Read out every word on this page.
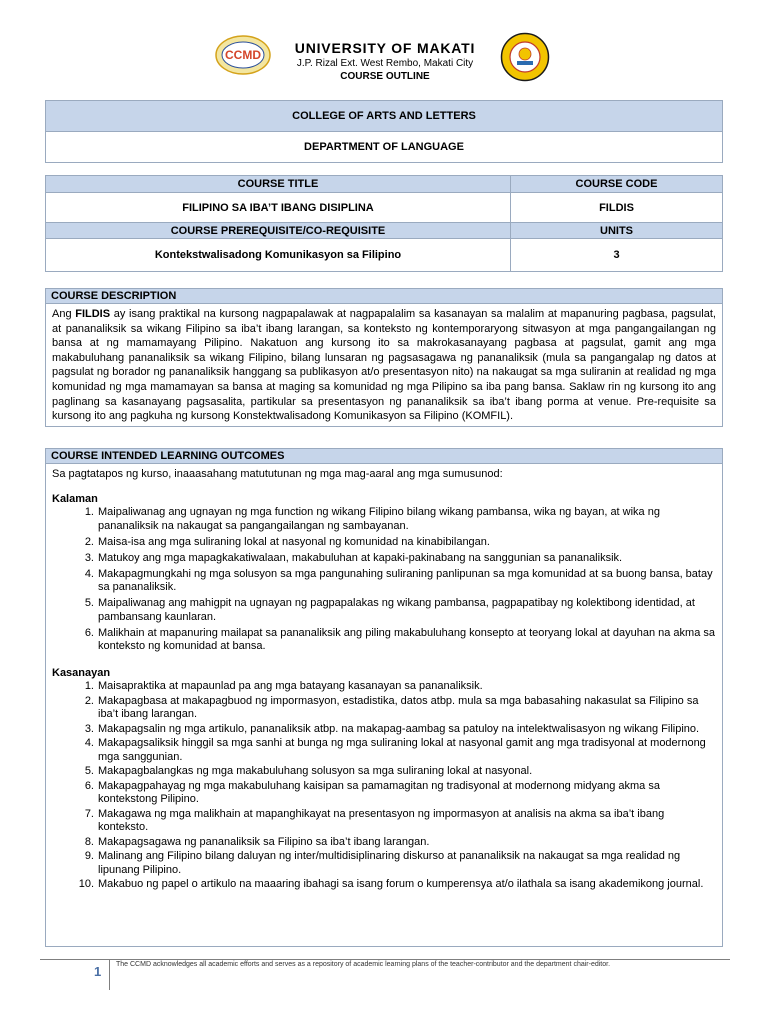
CCMD	UNIVERSITY OF MAKATI
J.P. Rizal Ext. West Rembo, Makati City
COURSE OUTLINE
COLLEGE OF ARTS AND LETTERS
DEPARTMENT OF LANGUAGE
COURSE TITLE	COURSE CODE
FILIPINO SA IBA’T IBANG DISIPLINA	FILDIS
COURSE PREREQUISITE/CO-REQUISITE	UNITS
Kontekstwalisadong Komunikasyon sa Filipino	3
COURSE DESCRIPTION
Ang FILDIS ay isang praktikal na kursong nagpapalawak at nagpapalalim sa kasanayan sa malalim at mapanuring pagbasa, pagsulat, at pananaliksik sa wikang Filipino sa iba’t ibang larangan, sa konteksto ng kontemporaryong sitwasyon at mga pangangailangan ng bansa at ng mamamayang Pilipino. Nakatuon ang kursong ito sa makrokasanayang pagbasa at pagsulat, gamit ang mga makabuluhang pananaliksik sa wikang Filipino, bilang lunsaran ng pagsasagawa ng pananaliksik (mula sa pangangalap ng datos at pagsulat ng borador ng pananaliksik hanggang sa publikasyon at/o presentasyon nito) na nakaugat sa mga suliranin at realidad ng mga komunidad ng mga mamamayan sa bansa at maging sa komunidad ng mga Pilipino sa iba pang bansa. Saklaw rin ng kursong ito ang paglinang sa kasanayang pagsasalita, partikular sa presentasyon ng pananaliksik sa iba’t ibang porma at venue. Pre-requisite sa kursong ito ang pagkuha ng kursong Konstektwalisadong Komunikasyon sa Filipino (KOMFIL).
COURSE INTENDED LEARNING OUTCOMES

Sa pagtatapos ng kurso, inaaasahang matututunan ng mga mag-aaral ang mga sumusunod:

Kalaman

1. Maipaliwanag ang ugnayan ng mga function ng wikang Filipino bilang wikang pambansa, wika ng bayan, at wika ng pananaliksik na nakaugat sa pangangailangan ng sambayanan.
2. Maisa-isa ang mga suliraning lokal at nasyonal ng komunidad na kinabibilangan.
3. Matukoy ang mga mapagkakatiwalaan, makabuluhan at kapaki-pakinabang na sanggunian sa pananaliksik.
4. Makapagmungkahi ng mga solusyon sa mga pangunahing suliraning panlipunan sa mga komunidad at sa buong bansa, batay sa pananaliksik.
5. Maipaliwanag ang mahigpit na ugnayan ng pagpapalakas ng wikang pambansa, pagpapatibay ng kolektibong identidad, at pambansang kaunlaran.
6. Malikhain at mapanuring mailapat sa pananaliksik ang piling makabuluhang konsepto at teoryang lokal at dayuhan na akma sa konteksto ng komunidad at bansa.

Kasanayan

1. Maisapraktika at mapaunlad pa ang mga batayang kasanayan sa pananaliksik.
2. Makapagbasa at makapagbuod ng impormasyon, estadistika, datos atbp. mula sa mga babasahing nakasulat sa Filipino sa iba’t ibang larangan.
3. Makapagsalin ng mga artikulo, pananaliksik atbp. na makapag-aambag sa patuloy na intelektwalisasyon ng wikang Filipino.
4. Makapagsaliksik hinggil sa mga sanhi at bunga ng mga suliraning lokal at nasyonal gamit ang mga tradisyonal at modernong mga sanggunian.
5. Makapagbalangkas ng mga makabuluhang solusyon sa mga suliraning lokal at nasyonal.
6. Makapagpahayag ng mga makabuluhang kaisipan sa pamamagitan ng tradisyonal at modernong midyang akma sa kontekstong Pilipino.
7. Makagawa ng mga malikhain at mapanghikayat na presentasyon ng impormasyon at analisis na akma sa iba’t ibang konteksto.
8. Makapagsagawa ng pananaliksik sa Filipino sa iba’t ibang larangan.
9. Malinang ang Filipino bilang daluyan ng inter/multidisiplinaring diskurso at pananaliksik na nakaugat sa mga realidad ng lipunang Pilipino.
10. Makabuo ng papel o artikulo na maaaring ibahagi sa isang forum o kumperensya at/o ilathala sa isang akademikong journal.
1 The CCMD acknowledges all academic efforts and serves as a repository of academic learning plans of the teacher-contributor and the department chair-editor.
